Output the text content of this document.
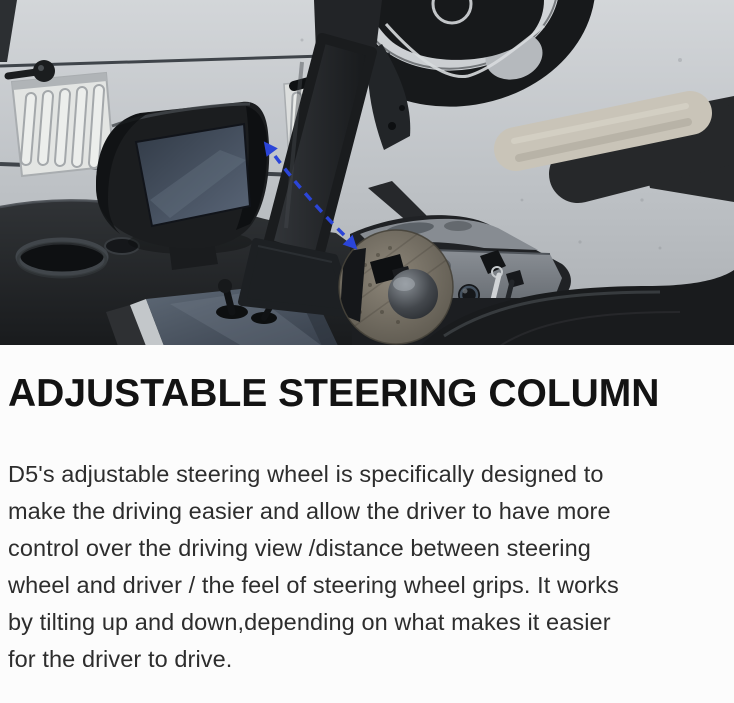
ADJUSTABLE STEERING COLUMN

D5's adjustable steering wheel is specifically designed to
make the driving easier and allow the driver to have more
control over the driving view /distance between steering
wheel and driver / the feel of steering wheel grips. It works
by tilting up and down,depending on what makes it easier
for the driver to drive.
